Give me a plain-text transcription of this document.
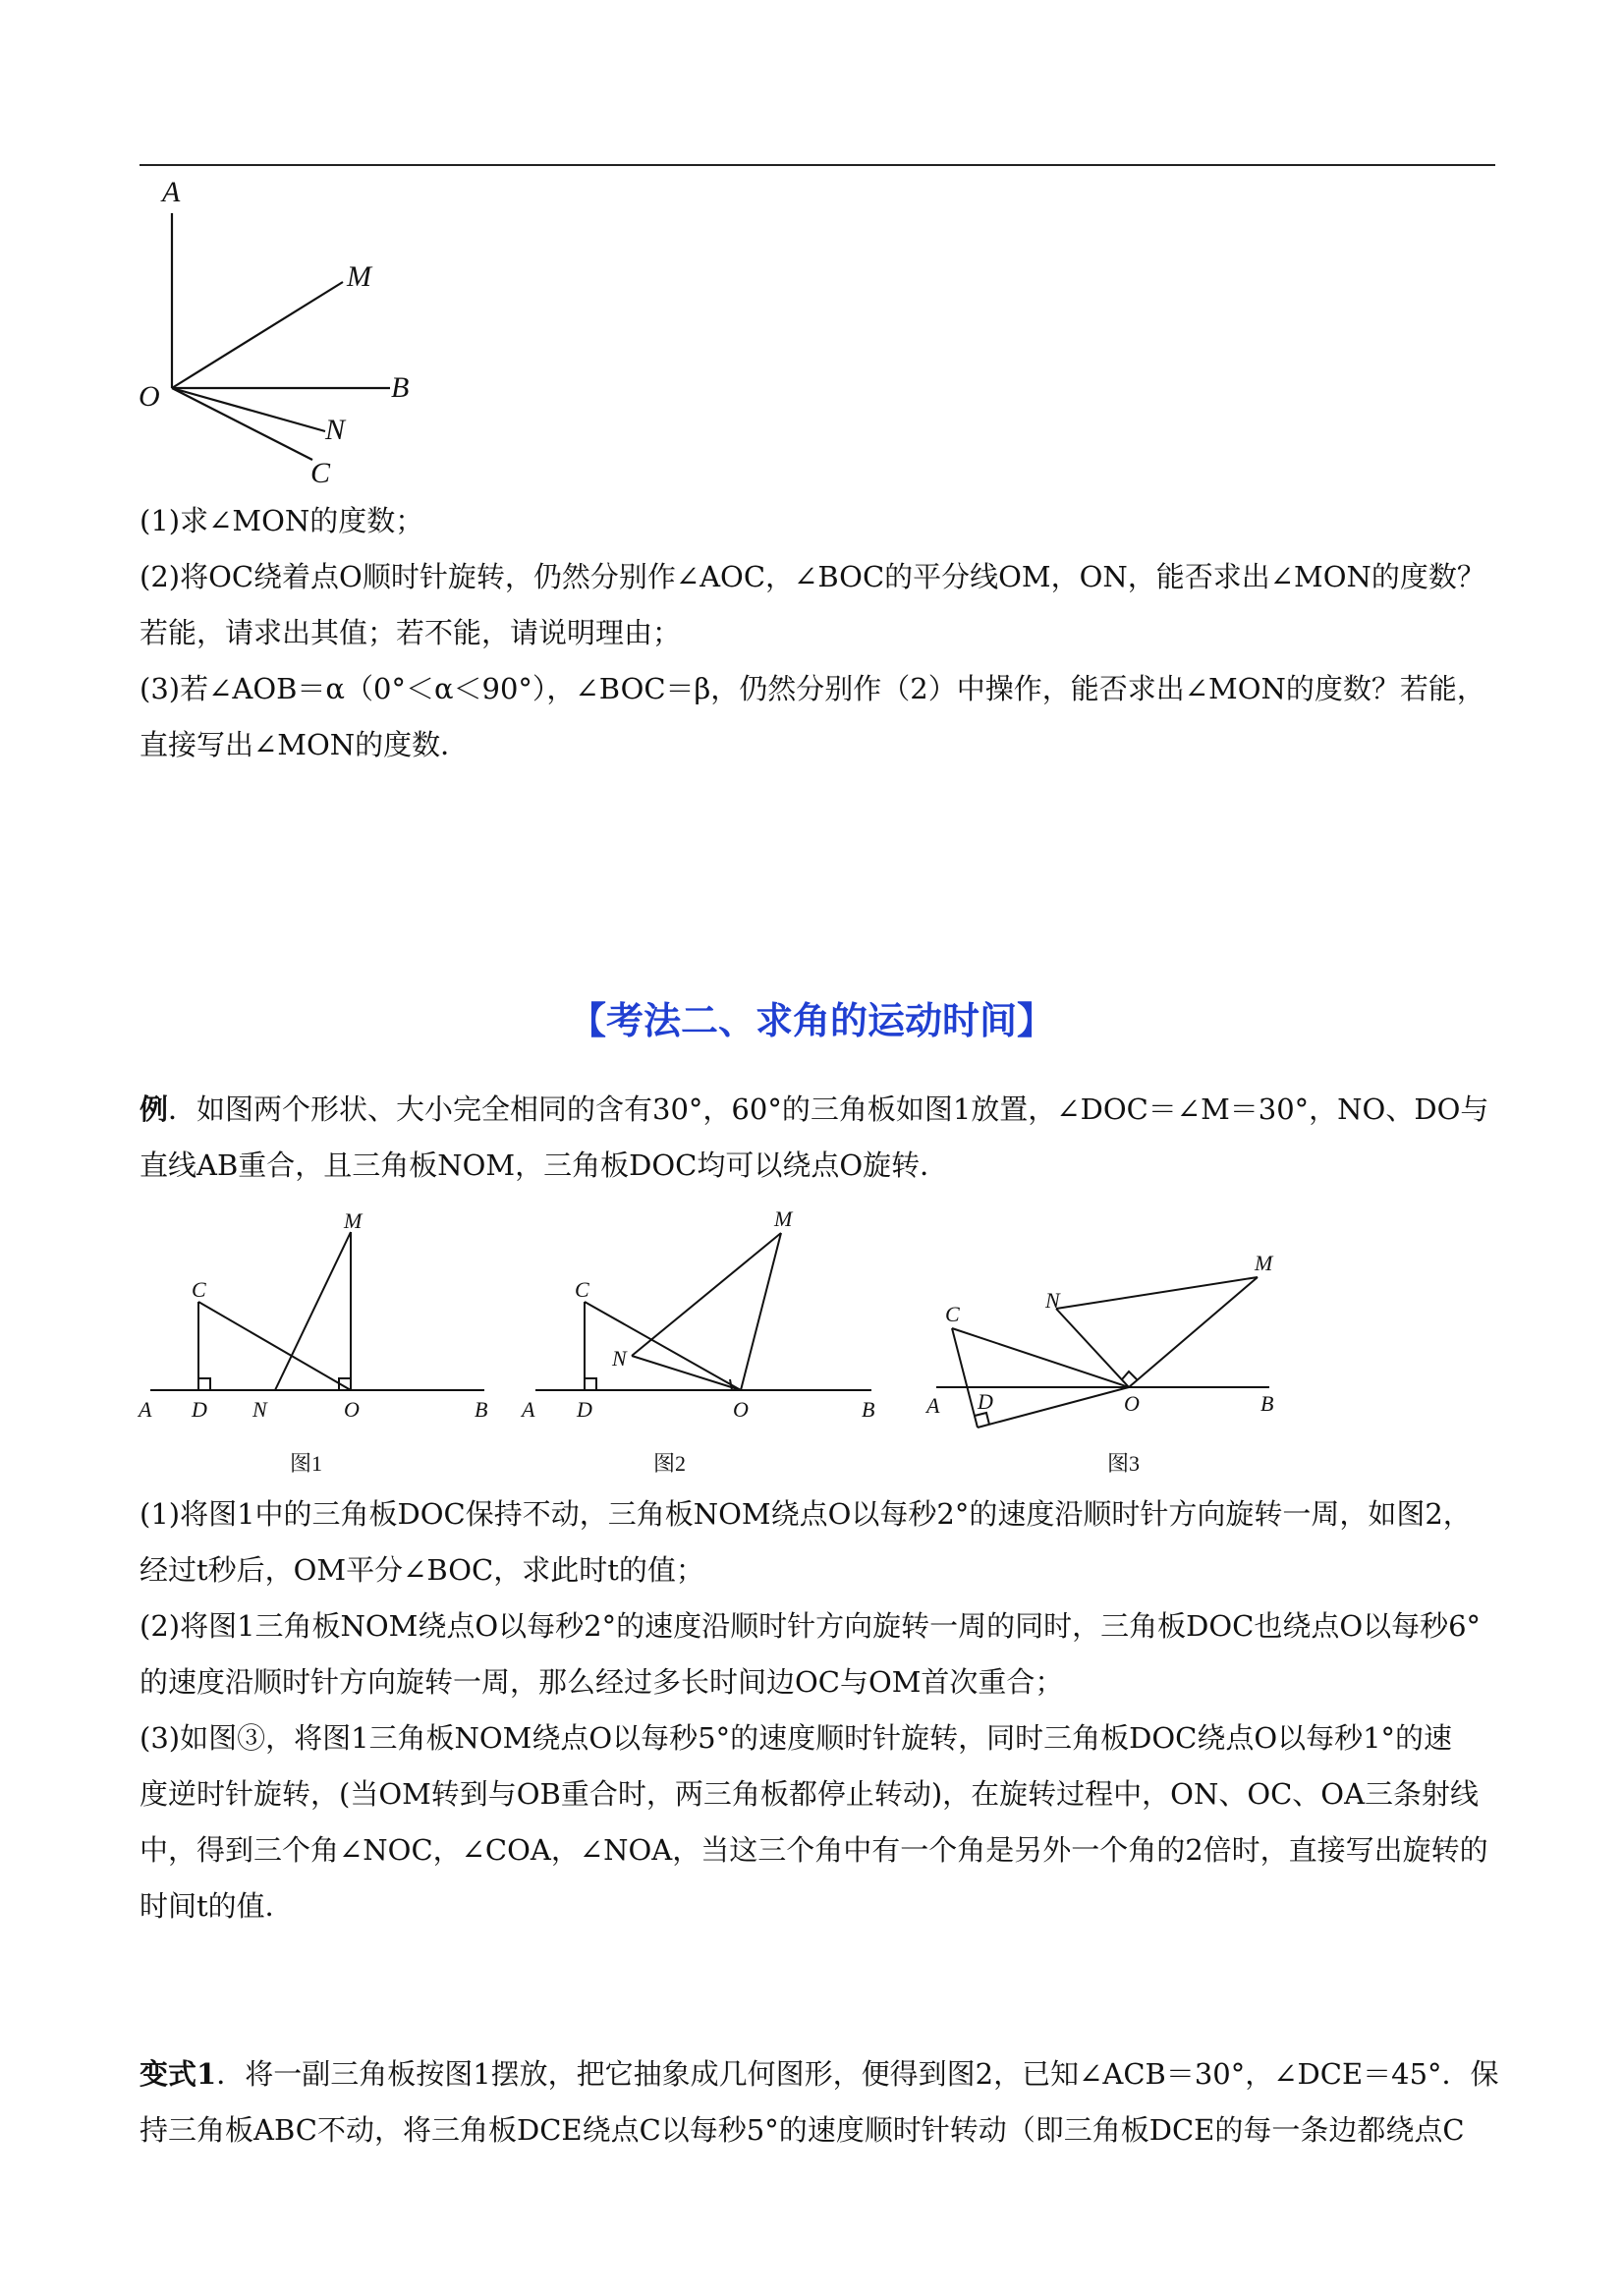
A
M
B
O
N
C

(1)求∠MON的度数；

(2)将OC绕着点O顺时针旋转，仍然分别作∠AOC，∠BOC的平分线OM，ON，能否求出∠MON的度数？

若能，请求出其值；若不能，请说明理由；

(3)若∠AOB＝α（0°＜α＜90°），∠BOC＝β，仍然分别作（2）中操作，能否求出∠MON的度数？若能，

直接写出∠MON的度数．

【考法二、求角的运动时间】

例．如图两个形状、大小完全相同的含有30°，60°的三角板如图1放置，∠DOC＝∠M＝30°，NO、DO与

直线AB重合，且三角板NOM，三角板DOC均可以绕点O旋转．

M
C
A D N	O	B
图1
M
C
N
A D	O	B
图2
M
N
C
A D	O	B
图3

(1)将图1中的三角板DOC保持不动，三角板NOM绕点O以每秒2°的速度沿顺时针方向旋转一周，如图2，

经过t秒后，OM平分∠BOC，求此时t的值；

(2)将图1三角板NOM绕点O以每秒2°的速度沿顺时针方向旋转一周的同时，三角板DOC也绕点O以每秒6°

的速度沿顺时针方向旋转一周，那么经过多长时间边OC与OM首次重合；

(3)如图③，将图1三角板NOM绕点O以每秒5°的速度顺时针旋转，同时三角板DOC绕点O以每秒1°的速

度逆时针旋转，(当OM转到与OB重合时，两三角板都停止转动)，在旋转过程中，ON、OC、OA三条射线

中，得到三个角∠NOC，∠COA，∠NOA，当这三个角中有一个角是另外一个角的2倍时，直接写出旋转的

时间t的值．

变式1．将一副三角板按图1摆放，把它抽象成几何图形，便得到图2，已知∠ACB＝30°，∠DCE＝45°．保

持三角板ABC不动，将三角板DCE绕点C以每秒5°的速度顺时针转动（即三角板DCE的每一条边都绕点C
